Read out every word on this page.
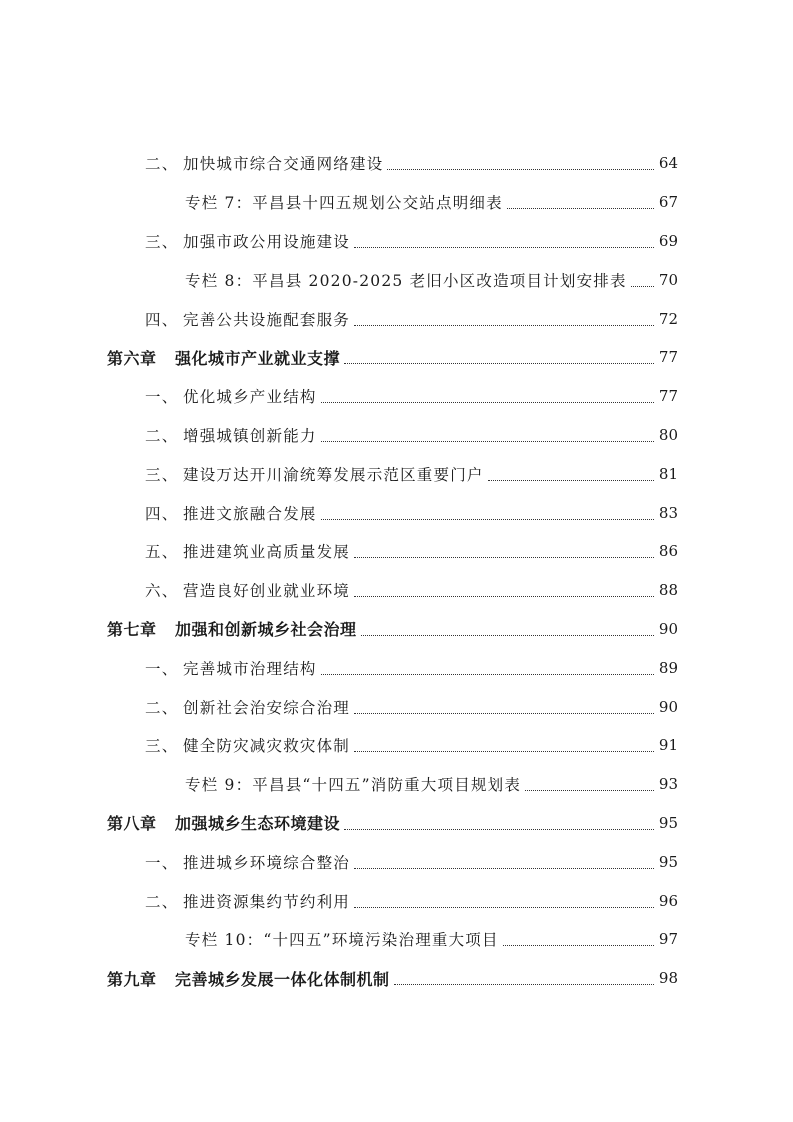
二、 加快城市综合交通网络建设	64
专栏 7： 平昌县十四五规划公交站点明细表	67
三、 加强市政公用设施建设	69
专栏 8： 平昌县 2020-2025 老旧小区改造项目计划安排表 70
四、 完善公共设施配套服务	72
第六章	强化城市产业就业支撑	77
一、 优化城乡产业结构	77
二、 增强城镇创新能力	80
三、 建设万达开川渝统筹发展示范区重要门户	81
四、 推进文旅融合发展	83
五、 推进建筑业高质量发展	86
六、 营造良好创业就业环境	88
第七章	加强和创新城乡社会治理	90
一、 完善城市治理结构	89
二、 创新社会治安综合治理	90
三、 健全防灾减灾救灾体制	91
专栏 9： 平昌县“十四五”消防重大项目规划表	93
第八章	加强城乡生态环境建设	95
一、 推进城乡环境综合整治	95
二、 推进资源集约节约利用	96
专栏 10： “十四五”环境污染治理重大项目	97
第九章	完善城乡发展一体化体制机制	98
